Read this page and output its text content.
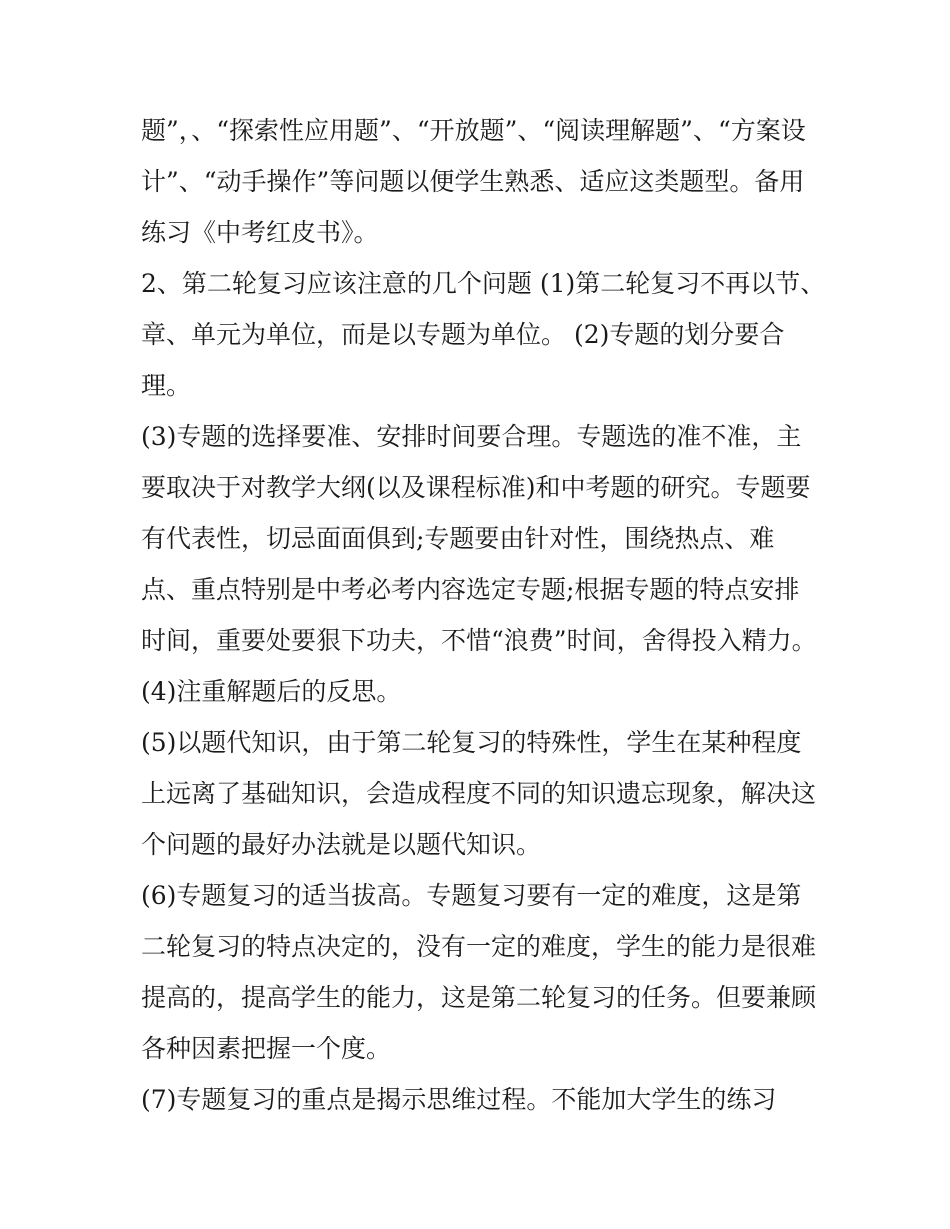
题”，、“探索性应用题”、“开放题”、“阅读理解题”、“方案设
计”、“动手操作”等问题以便学生熟悉、适应这类题型。备用
练习《中考红皮书》。
2、第二轮复习应该注意的几个问题 (1)第二轮复习不再以节、
章、单元为单位，而是以专题为单位。 (2)专题的划分要合
理。
(3)专题的选择要准、安排时间要合理。专题选的准不准，主
要取决于对教学大纲(以及课程标准)和中考题的研究。专题要
有代表性，切忌面面俱到;专题要由针对性，围绕热点、难
点、重点特别是中考必考内容选定专题;根据专题的特点安排
时间，重要处要狠下功夫，不惜“浪费”时间，舍得投入精力。
(4)注重解题后的反思。
(5)以题代知识，由于第二轮复习的特殊性，学生在某种程度
上远离了基础知识，会造成程度不同的知识遗忘现象，解决这
个问题的最好办法就是以题代知识。
(6)专题复习的适当拔高。专题复习要有一定的难度，这是第
二轮复习的特点决定的，没有一定的难度，学生的能力是很难
提高的，提高学生的能力，这是第二轮复习的任务。但要兼顾
各种因素把握一个度。
(7)专题复习的重点是揭示思维过程。不能加大学生的练习
